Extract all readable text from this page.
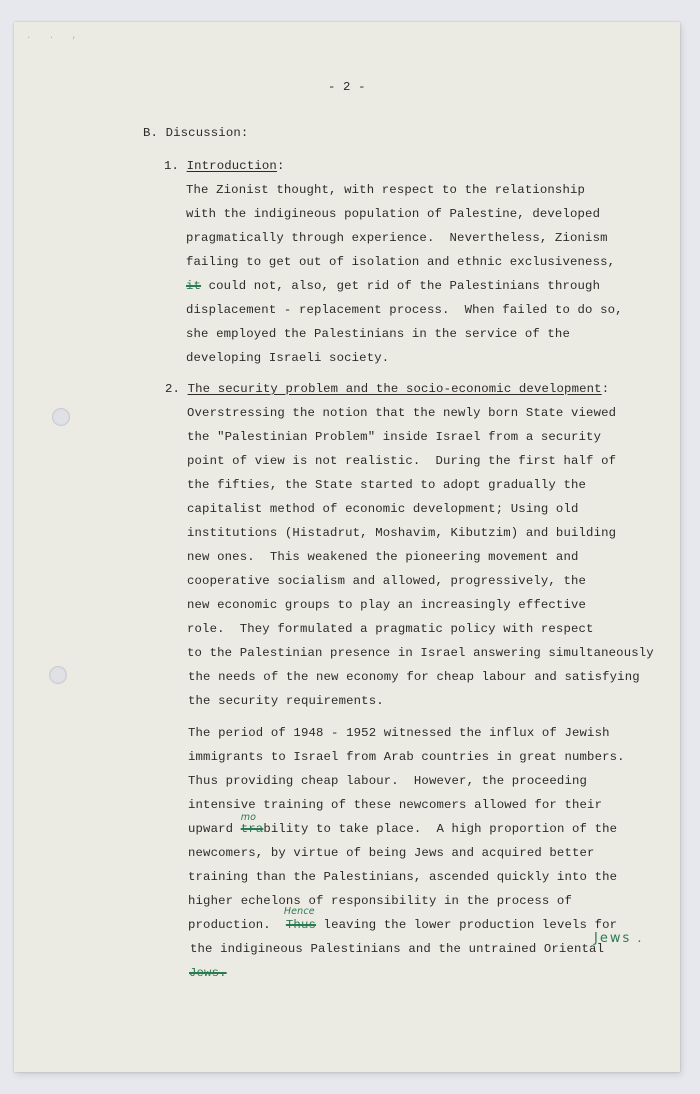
. . ,
- 2 -
B. Discussion:
1. Introduction:
The Zionist thought, with respect to the relationship
with the indigineous population of Palestine, developed
pragmatically through experience.  Nevertheless, Zionism
failing to get out of isolation and ethnic exclusiveness,
it could not, also, get rid of the Palestinians through
displacement - replacement process.  When failed to do so,
she employed the Palestinians in the service of the
developing Israeli society.
2. The security problem and the socio-economic development:
Overstressing the notion that the newly born State viewed
the "Palestinian Problem" inside Israel from a security
point of view is not realistic.  During the first half of
the fifties, the State started to adopt gradually the
capitalist method of economic development; Using old
institutions (Histadrut, Moshavim, Kibutzim) and building
new ones.  This weakened the pioneering movement and
cooperative socialism and allowed, progressively, the
new economic groups to play an increasingly effective
role.  They formulated a pragmatic policy with respect
to the Palestinian presence in Israel answering simultaneously
the needs of the new economy for cheap labour and satisfying
the security requirements.
The period of 1948 - 1952 witnessed the influx of Jewish
immigrants to Israel from Arab countries in great numbers.
Thus providing cheap labour.  However, the proceeding
intensive training of these newcomers allowed for their
upward
mo
trability to take place.  A high proportion of the
newcomers, by virtue of being Jews and acquired better
training than the Palestinians, ascended quickly into the
higher echelons of responsibility in the process of
production.
Hence
Thus leaving the lower production levels for
the indigineous Palestinians and the untrained Oriental
Jews .
Jews.
